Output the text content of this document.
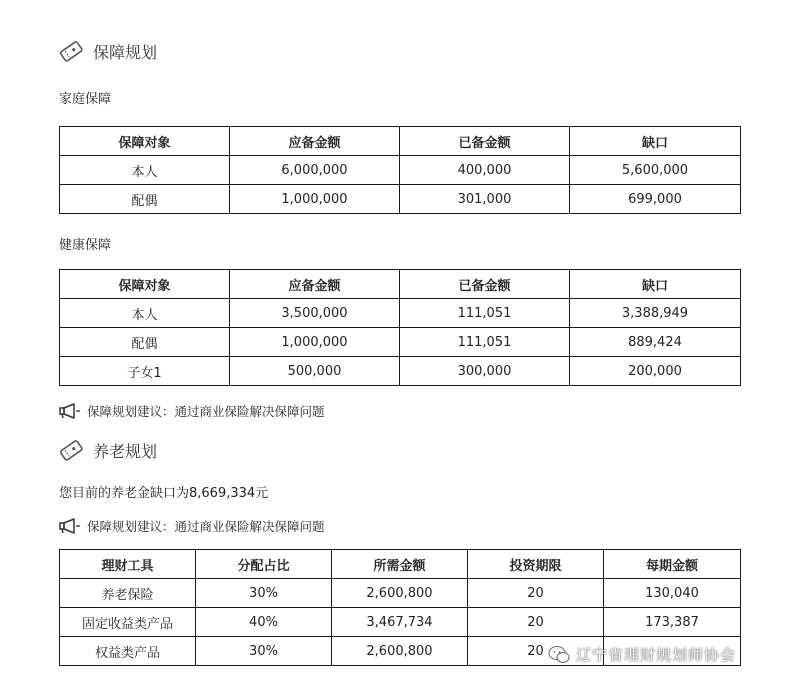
保障规划
家庭保障
保障对象	应备金额	已备金额	缺口
本人	6,000,000	400,000	5,600,000
配偶	1,000,000	301,000	699,000
健康保障
保障对象	应备金额	已备金额	缺口
本人	3,500,000	111,051	3,388,949
配偶	1,000,000	111,051	889,424
子女1	500,000	300,000	200,000
保障规划建议：通过商业保险解决保障问题
养老规划
您目前的养老金缺口为8,669,334元
保障规划建议：通过商业保险解决保障问题
理财工具	分配占比	所需金额	投资期限	每期金额
养老保险	30%	2,600,800	20	130,040
固定收益类产品	40%	3,467,734	20	173,387
权益类产品	30%	2,600,800	20	辽宁省理财规划师协会
